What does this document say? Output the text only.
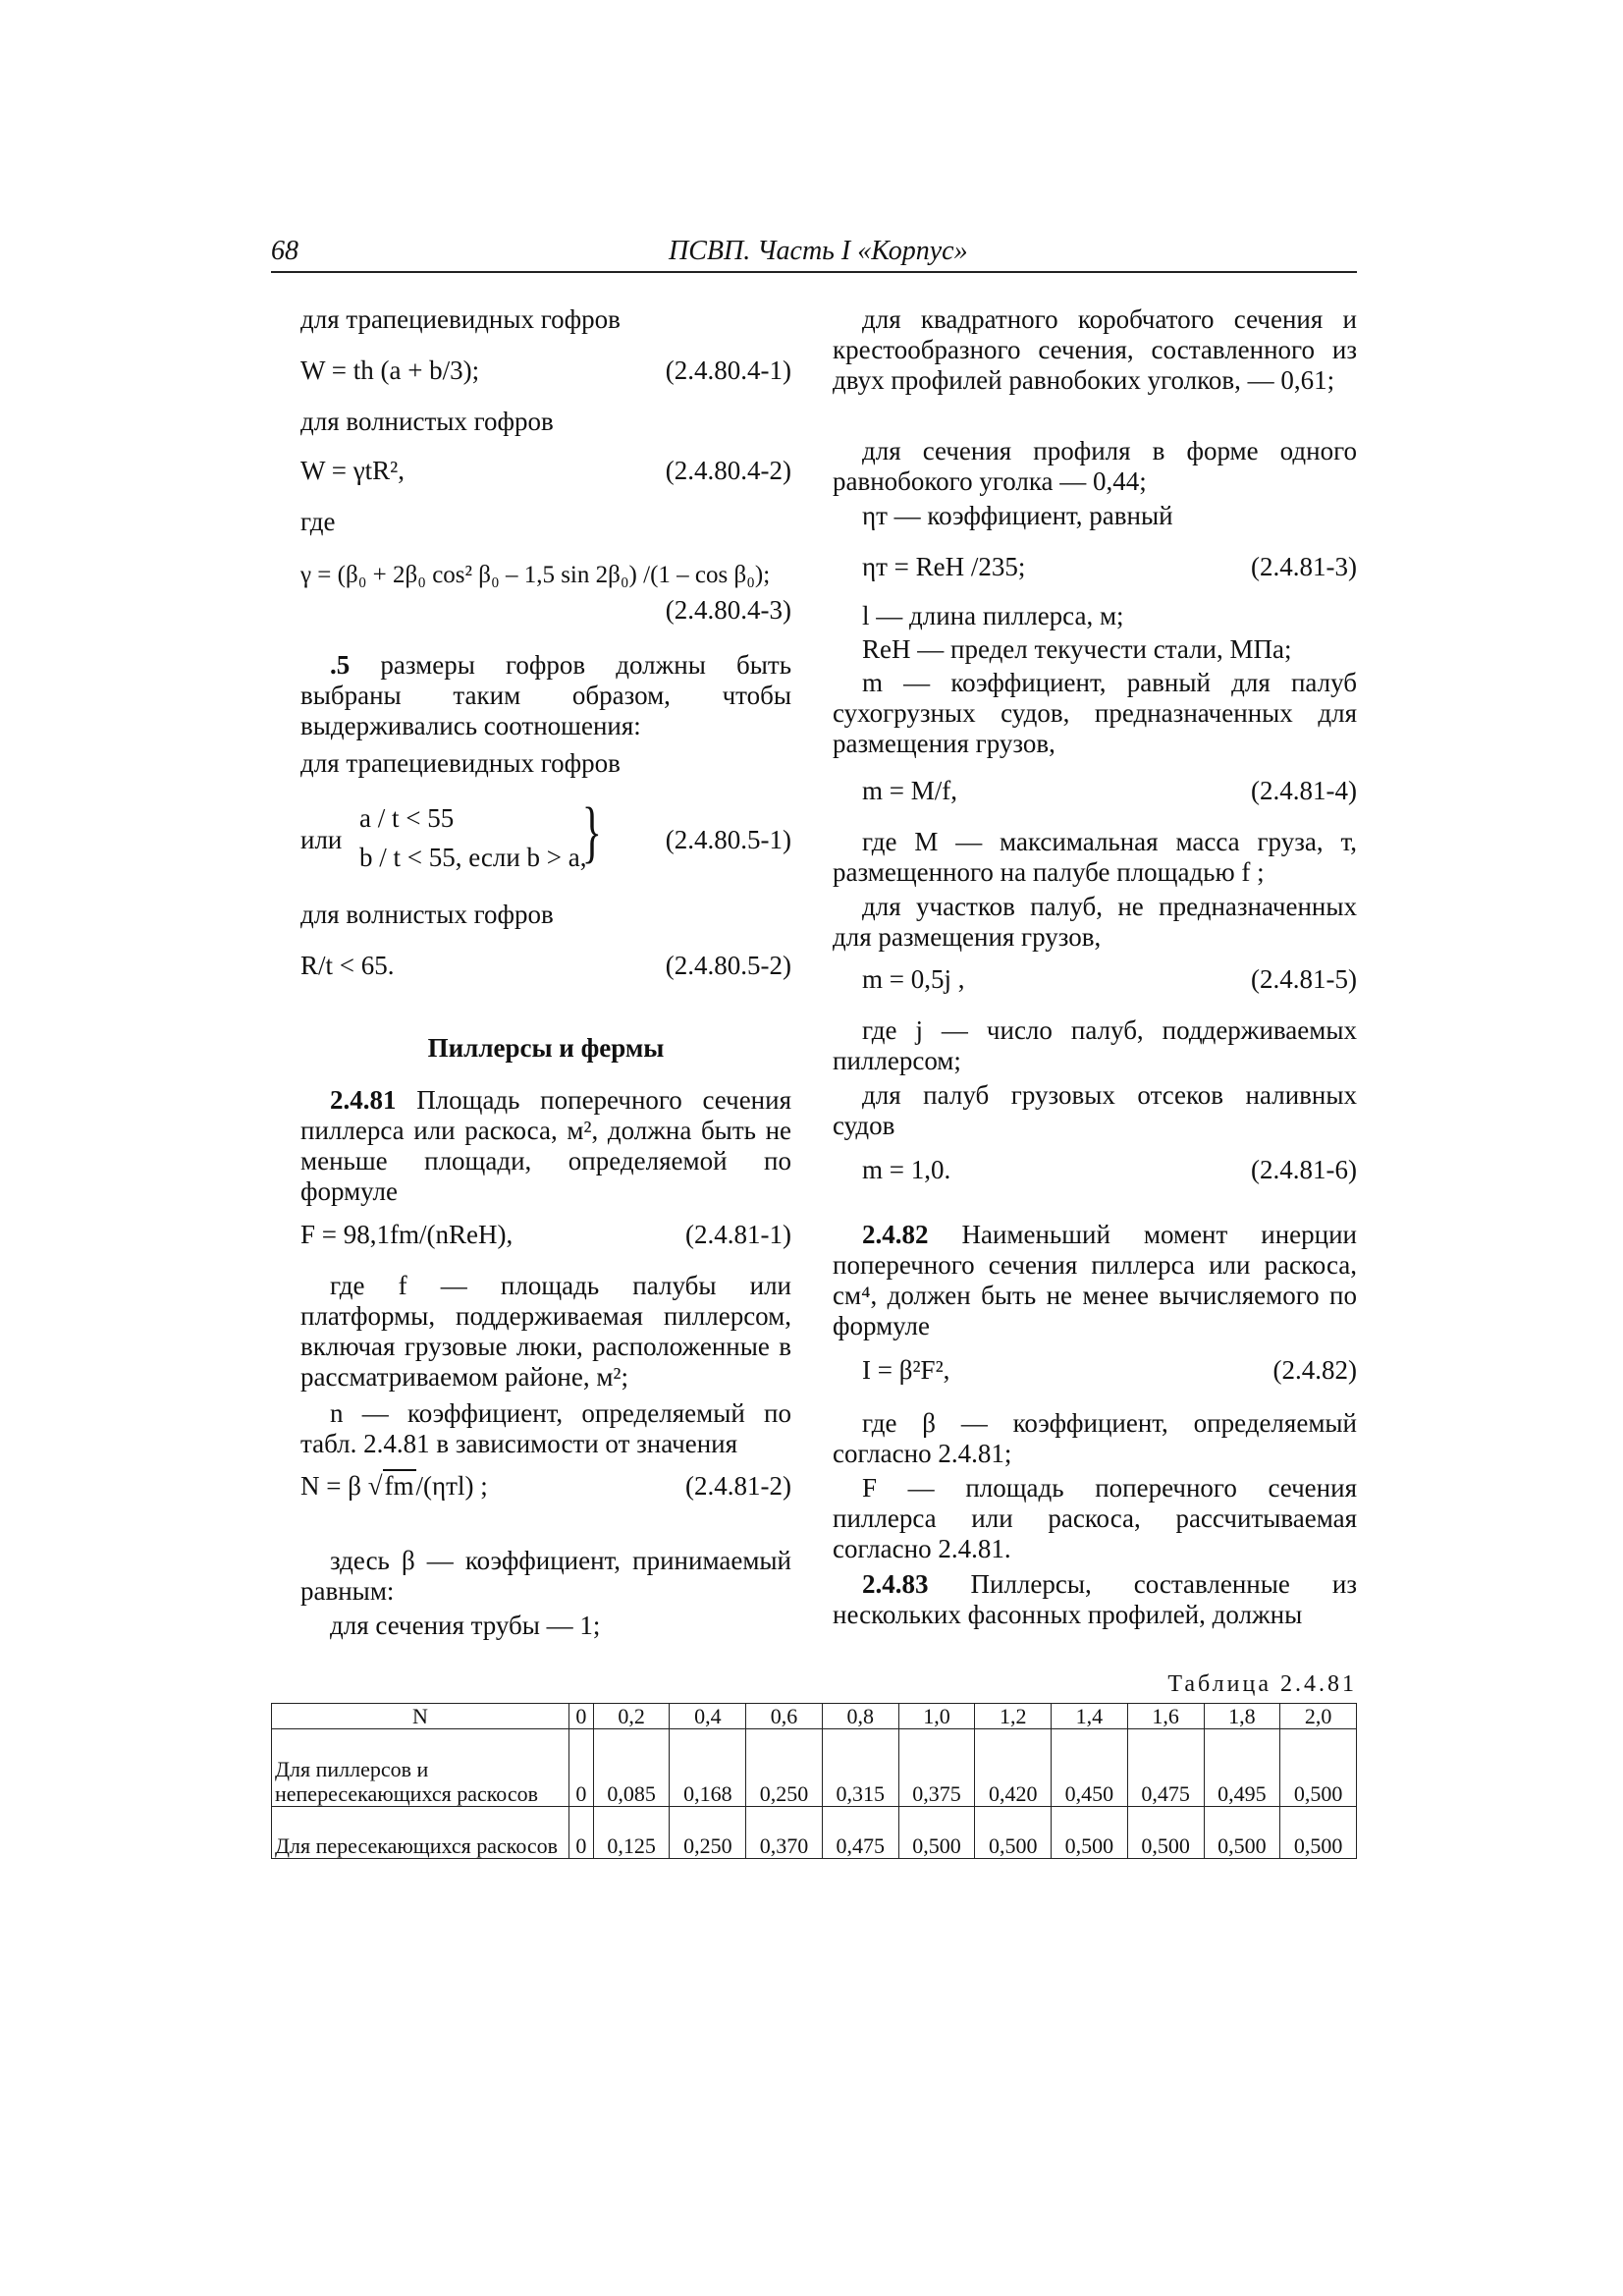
68	ПСВП. Часть I «Корпус»
для трапециевидных гофров
W = th (a + b/3);	(2.4.80.4-1)
для волнистых гофров
W = γtR²,	(2.4.80.4-2)
где
γ = (β₀ + 2β₀ cos² β₀ – 1,5 sin 2β₀) /(1 – cos β₀);
(2.4.80.4-3)
.5 размеры гофров должны быть выбраны таким образом, чтобы выдерживались соотношения:
для трапециевидных гофров
или
a / t < 55
b / t < 55, если b > a,
} (2.4.80.5-1)
для волнистых гофров
R/t < 65.	(2.4.80.5-2)
Пиллерсы и фермы
2.4.81 Площадь поперечного сечения пиллерса или раскоса, м², должна быть не меньше площади, определяемой по формуле
F = 98,1fm/(nReH),	(2.4.81-1)
где f — площадь палубы или платформы, поддерживаемая пиллерсом, включая грузовые люки, расположенные в рассматриваемом районе, м²;
n — коэффициент, определяемый по табл. 2.4.81 в зависимости от значения
N = β √fm/(ηтl) ;	(2.4.81-2)
здесь β — коэффициент, принимаемый равным:
для сечения трубы — 1;
для квадратного коробчатого сечения и крестообразного сечения, составленного из двух профилей равнобоких уголков, — 0,61;
для сечения профиля в форме одного равнобокого уголка — 0,44;
ηт — коэффициент, равный
ηт = ReH /235;	(2.4.81-3)
l — длина пиллерса, м;
ReH — предел текучести стали, МПа;
m — коэффициент, равный для палуб сухогрузных судов, предназначенных для размещения грузов,
m = M/f,	(2.4.81-4)
где M — максимальная масса груза, т, размещенного на палубе площадью f ;
для участков палуб, не предназначенных для размещения грузов,
m = 0,5j ,	(2.4.81-5)
где j — число палуб, поддерживаемых пиллерсом;
для палуб грузовых отсеков наливных судов
m = 1,0.	(2.4.81-6)
2.4.82 Наименьший момент инерции поперечного сечения пиллерса или раскоса, см⁴, должен быть не менее вычисляемого по формуле
I = β²F²,	(2.4.82)
где β — коэффициент, определяемый согласно 2.4.81;
F — площадь поперечного сечения пиллерса или раскоса, рассчитываемая согласно 2.4.81.
2.4.83 Пиллерсы, составленные из нескольких фасонных профилей, должны
Таблица 2.4.81
N	0	0,2	0,4	0,6	0,8	1,0	1,2	1,4	1,6	1,8	2,0
Для пиллерсов и непересекающихся раскосов	0	0,085	0,168	0,250	0,315	0,375	0,420	0,450	0,475	0,495	0,500
Для пересекающихся раскосов	0	0,125	0,250	0,370	0,475	0,500	0,500	0,500	0,500	0,500	0,500
